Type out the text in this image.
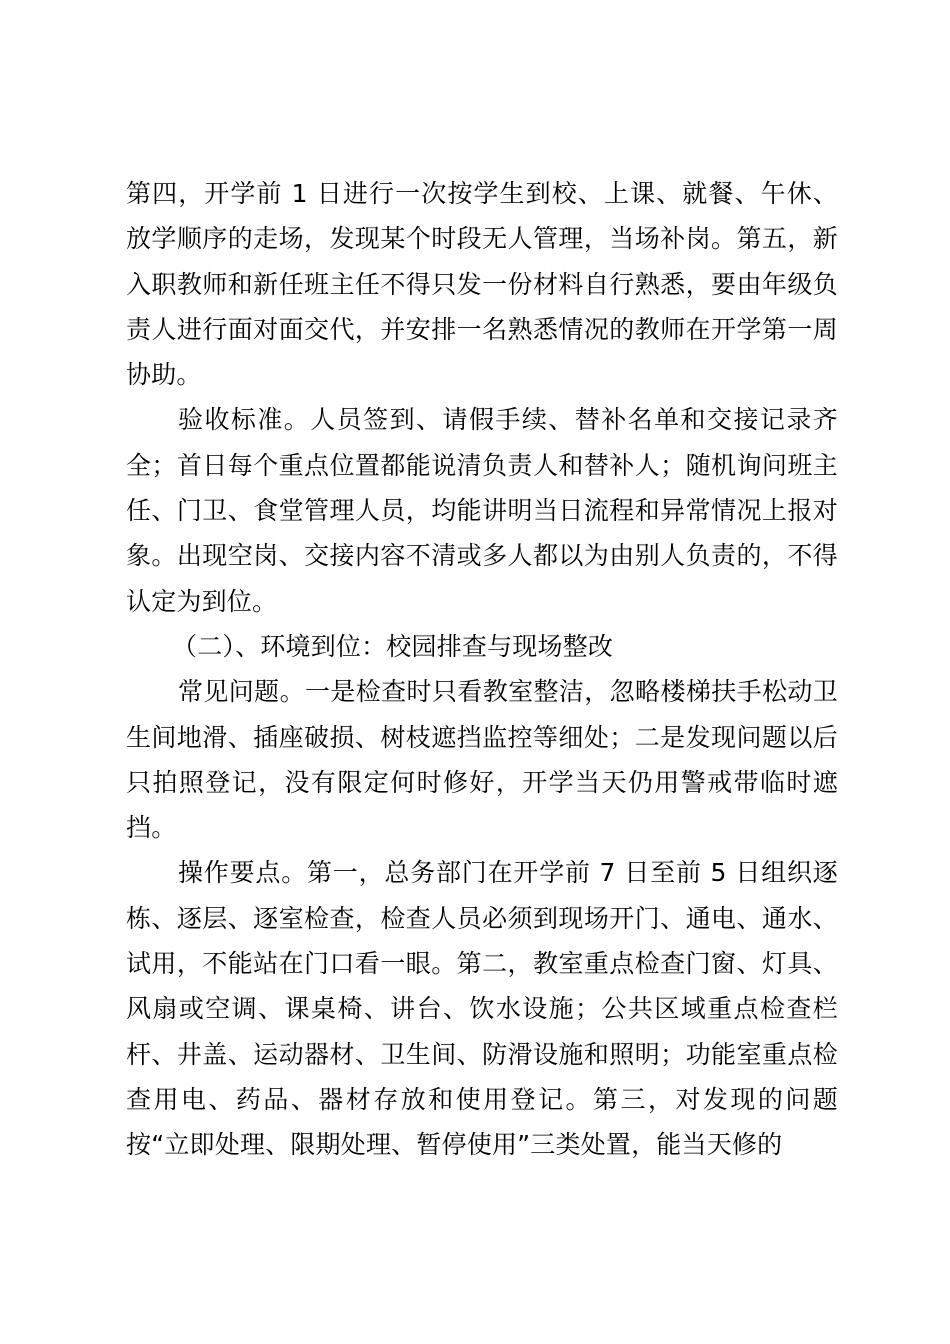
第四，开学前 1 日进行一次按学生到校、上课、就餐、午休、放学顺序的走场，发现某个时段无人管理，当场补岗。第五，新入职教师和新任班主任不得只发一份材料自行熟悉，要由年级负责人进行面对面交代，并安排一名熟悉情况的教师在开学第一周协助。

验收标准。人员签到、请假手续、替补名单和交接记录齐全；首日每个重点位置都能说清负责人和替补人；随机询问班主任、门卫、食堂管理人员，均能讲明当日流程和异常情况上报对象。出现空岗、交接内容不清或多人都以为由别人负责的，不得认定为到位。

（二）、环境到位：校园排查与现场整改

常见问题。一是检查时只看教室整洁，忽略楼梯扶手松动卫生间地滑、插座破损、树枝遮挡监控等细处；二是发现问题以后只拍照登记，没有限定何时修好，开学当天仍用警戒带临时遮挡。

操作要点。第一，总务部门在开学前 7 日至前 5 日组织逐栋、逐层、逐室检查，检查人员必须到现场开门、通电、通水、试用，不能站在门口看一眼。第二，教室重点检查门窗、灯具、风扇或空调、课桌椅、讲台、饮水设施；公共区域重点检查栏杆、井盖、运动器材、卫生间、防滑设施和照明；功能室重点检查用电、药品、器材存放和使用登记。第三，对发现的问题按“立即处理、限期处理、暂停使用”三类处置，能当天修的
